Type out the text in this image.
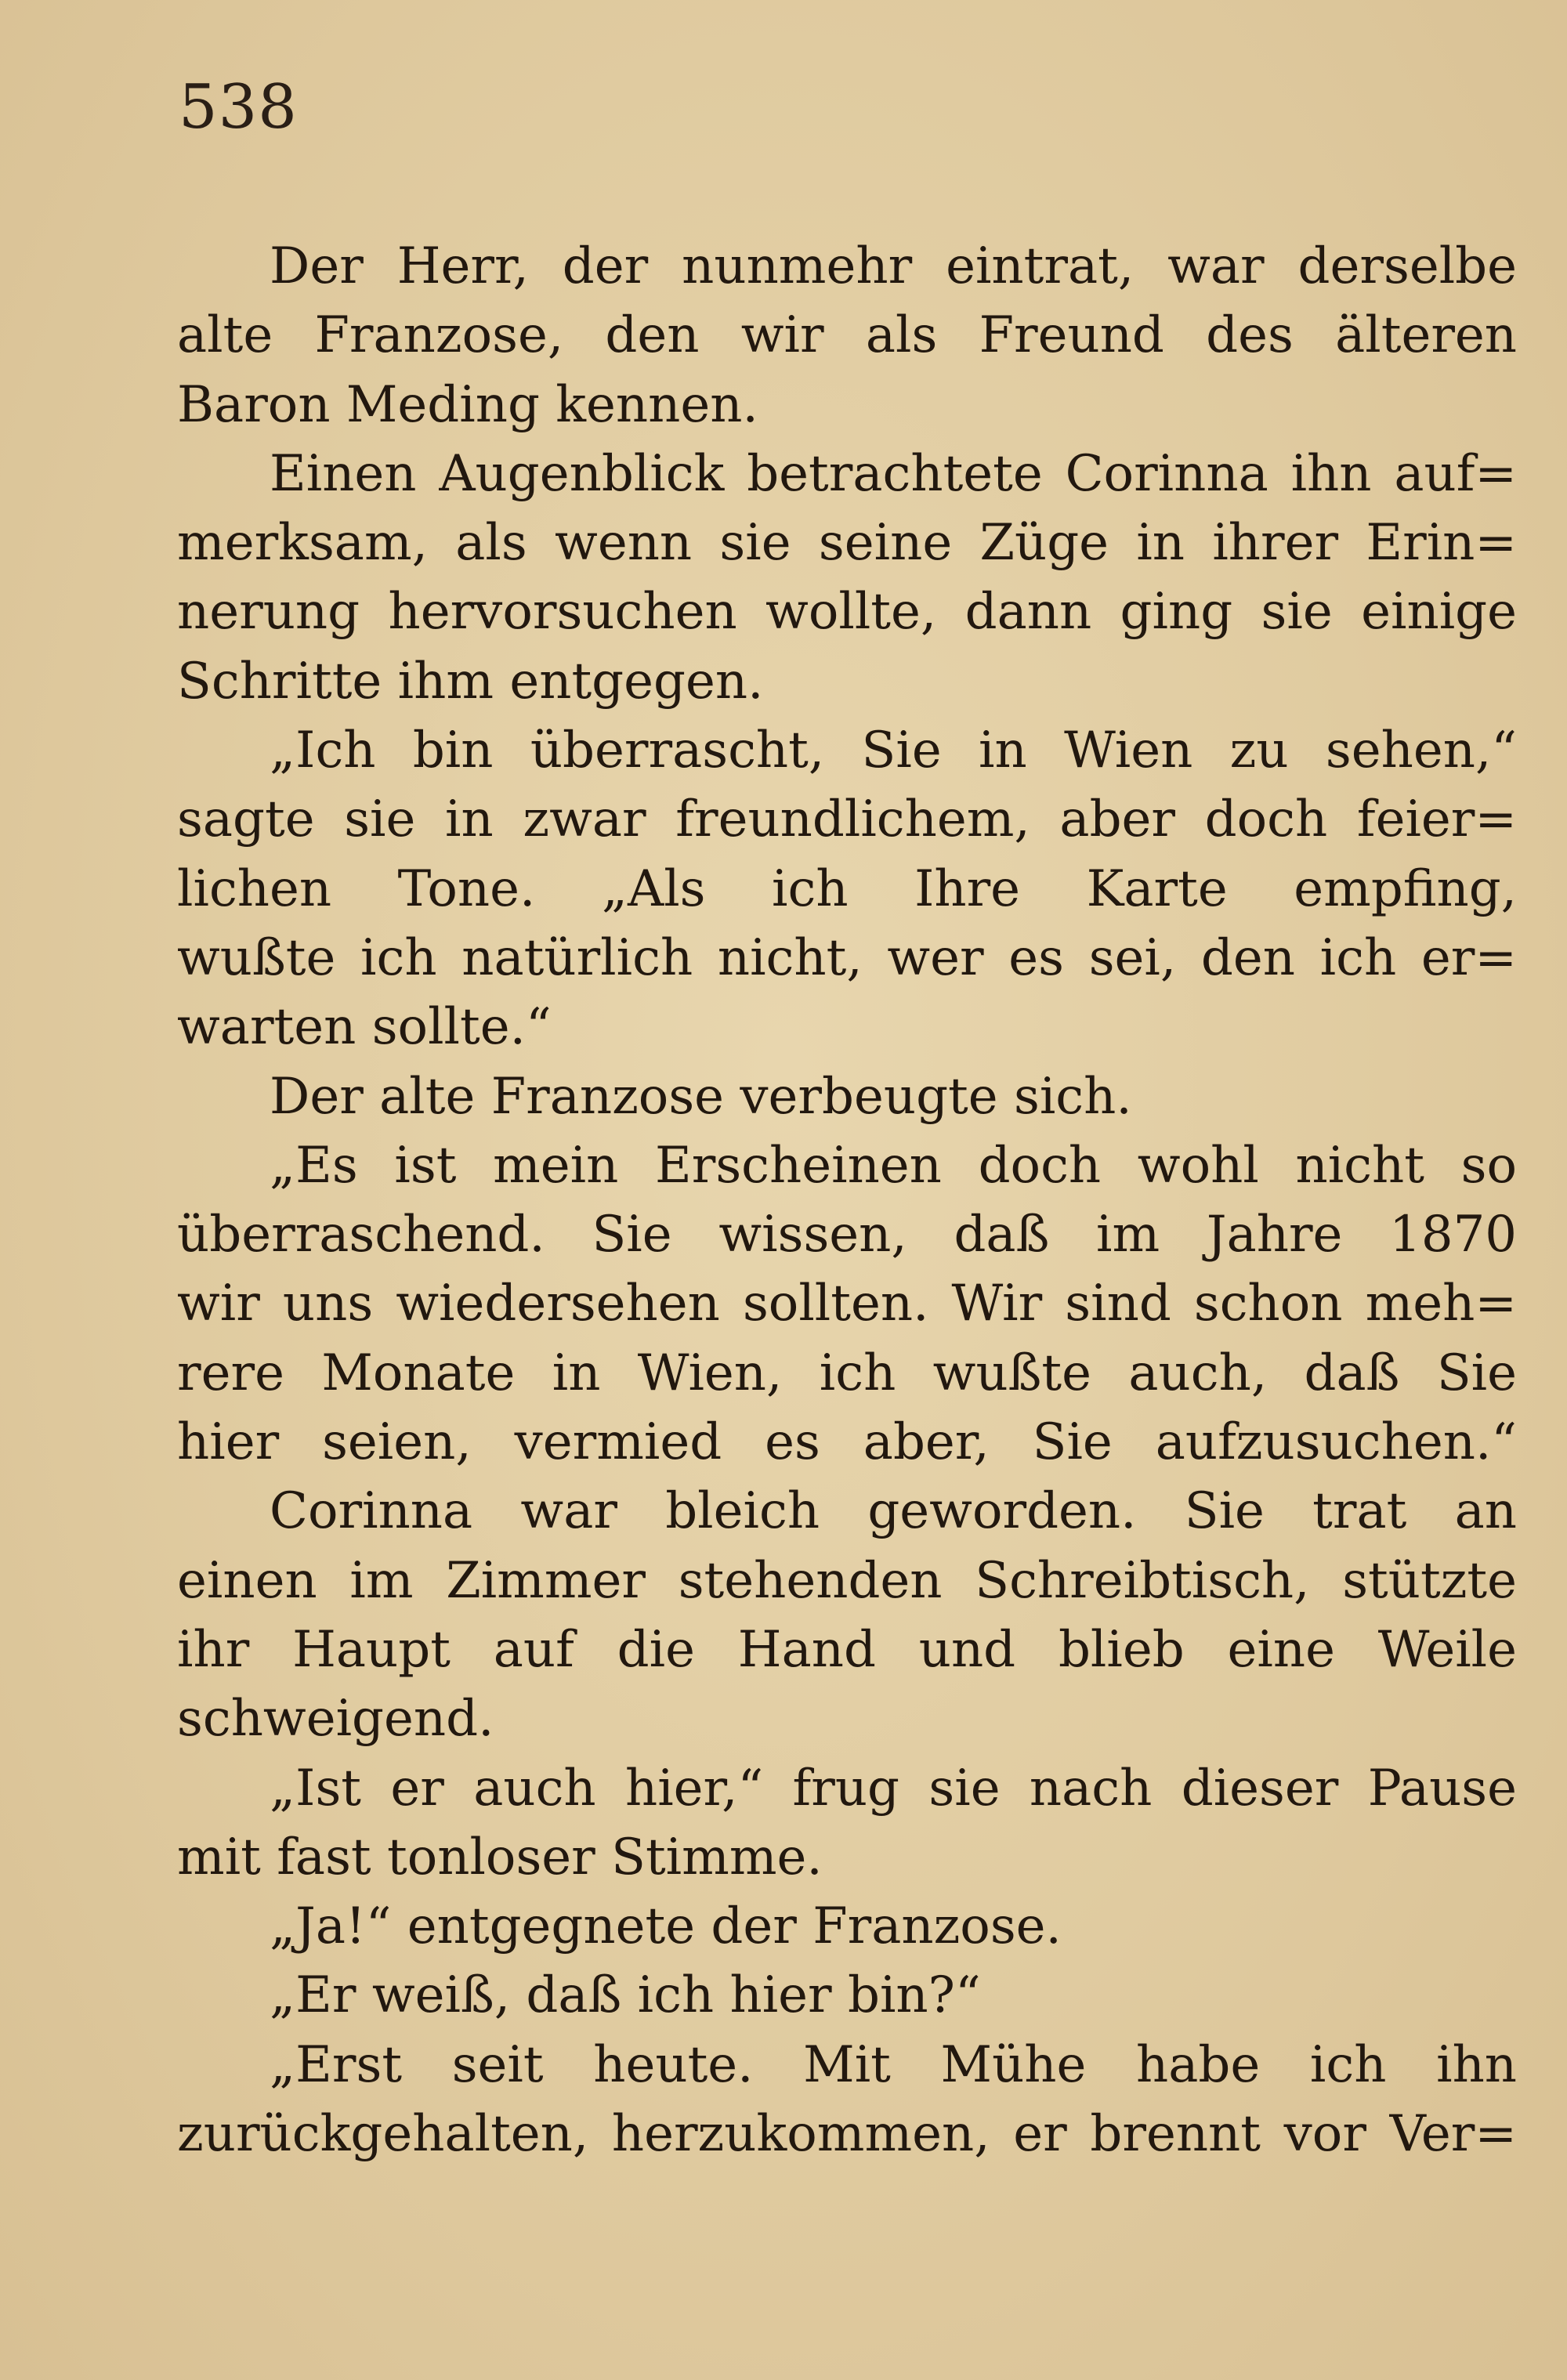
538
Der Herr, der nunmehr eintrat, war derselbe
alte Franzose, den wir als Freund des älteren
Baron Meding kennen.
Einen Augenblick betrachtete Corinna ihn auf=
merksam, als wenn sie seine Züge in ihrer Erin=
nerung hervorsuchen wollte, dann ging sie einige
Schritte ihm entgegen.
„Ich bin überrascht, Sie in Wien zu sehen,“
sagte sie in zwar freundlichem, aber doch feier=
lichen Tone. „Als ich Ihre Karte empfing,
wußte ich natürlich nicht, wer es sei, den ich er=
warten sollte.“
Der alte Franzose verbeugte sich.
„Es ist mein Erscheinen doch wohl nicht so
überraschend. Sie wissen, daß im Jahre 1870
wir uns wiedersehen sollten. Wir sind schon meh=
rere Monate in Wien, ich wußte auch, daß Sie
hier seien, vermied es aber, Sie aufzusuchen.“
Corinna war bleich geworden. Sie trat an
einen im Zimmer stehenden Schreibtisch, stützte
ihr Haupt auf die Hand und blieb eine Weile
schweigend.
„Ist er auch hier,“ frug sie nach dieser Pause
mit fast tonloser Stimme.
„Ja!“ entgegnete der Franzose.
„Er weiß, daß ich hier bin?“
„Erst seit heute. Mit Mühe habe ich ihn
zurückgehalten, herzukommen, er brennt vor Ver=
